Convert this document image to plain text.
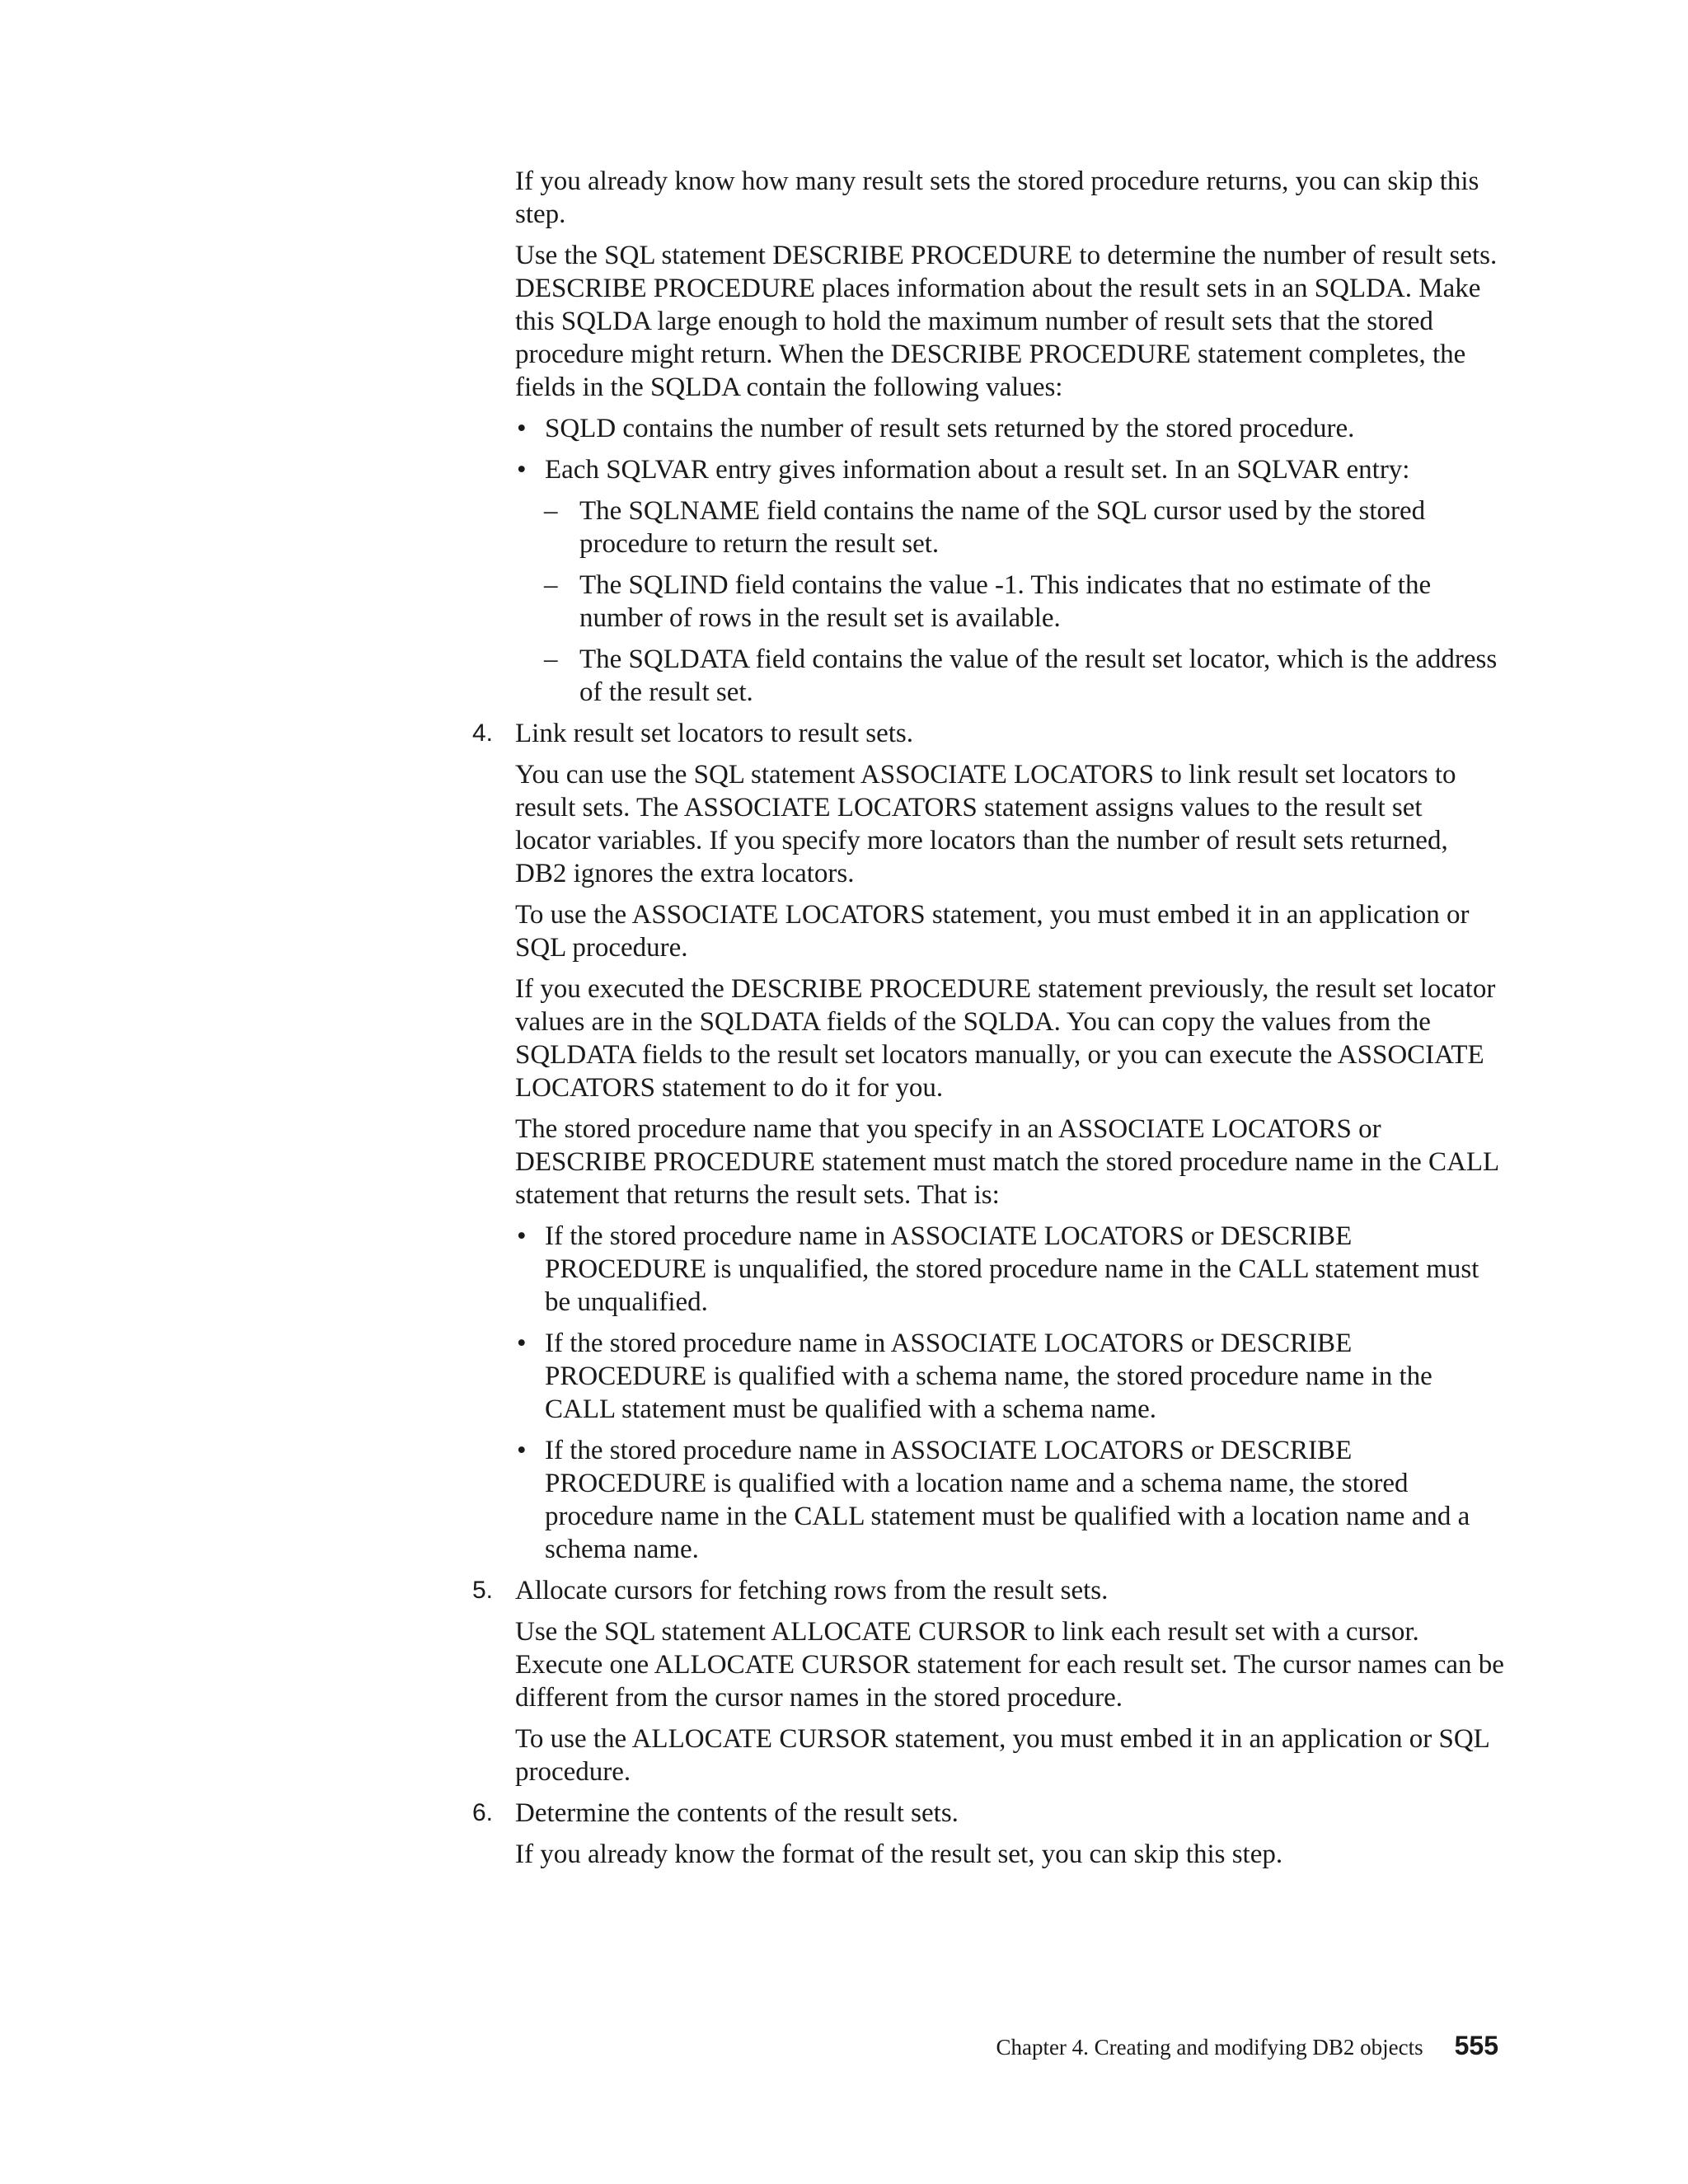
If you already know how many result sets the stored procedure returns, you can skip this step.
Use the SQL statement DESCRIBE PROCEDURE to determine the number of result sets. DESCRIBE PROCEDURE places information about the result sets in an SQLDA. Make this SQLDA large enough to hold the maximum number of result sets that the stored procedure might return. When the DESCRIBE PROCEDURE statement completes, the fields in the SQLDA contain the following values:
• SQLD contains the number of result sets returned by the stored procedure.
• Each SQLVAR entry gives information about a result set. In an SQLVAR entry:
– The SQLNAME field contains the name of the SQL cursor used by the stored procedure to return the result set.
– The SQLIND field contains the value -1. This indicates that no estimate of the number of rows in the result set is available.
– The SQLDATA field contains the value of the result set locator, which is the address of the result set.
4. Link result set locators to result sets.
You can use the SQL statement ASSOCIATE LOCATORS to link result set locators to result sets. The ASSOCIATE LOCATORS statement assigns values to the result set locator variables. If you specify more locators than the number of result sets returned, DB2 ignores the extra locators.
To use the ASSOCIATE LOCATORS statement, you must embed it in an application or SQL procedure.
If you executed the DESCRIBE PROCEDURE statement previously, the result set locator values are in the SQLDATA fields of the SQLDA. You can copy the values from the SQLDATA fields to the result set locators manually, or you can execute the ASSOCIATE LOCATORS statement to do it for you.
The stored procedure name that you specify in an ASSOCIATE LOCATORS or DESCRIBE PROCEDURE statement must match the stored procedure name in the CALL statement that returns the result sets. That is:
• If the stored procedure name in ASSOCIATE LOCATORS or DESCRIBE PROCEDURE is unqualified, the stored procedure name in the CALL statement must be unqualified.
• If the stored procedure name in ASSOCIATE LOCATORS or DESCRIBE PROCEDURE is qualified with a schema name, the stored procedure name in the CALL statement must be qualified with a schema name.
• If the stored procedure name in ASSOCIATE LOCATORS or DESCRIBE PROCEDURE is qualified with a location name and a schema name, the stored procedure name in the CALL statement must be qualified with a location name and a schema name.
5. Allocate cursors for fetching rows from the result sets.
Use the SQL statement ALLOCATE CURSOR to link each result set with a cursor. Execute one ALLOCATE CURSOR statement for each result set. The cursor names can be different from the cursor names in the stored procedure.
To use the ALLOCATE CURSOR statement, you must embed it in an application or SQL procedure.
6. Determine the contents of the result sets.
If you already know the format of the result set, you can skip this step.
Chapter 4. Creating and modifying DB2 objects 555
